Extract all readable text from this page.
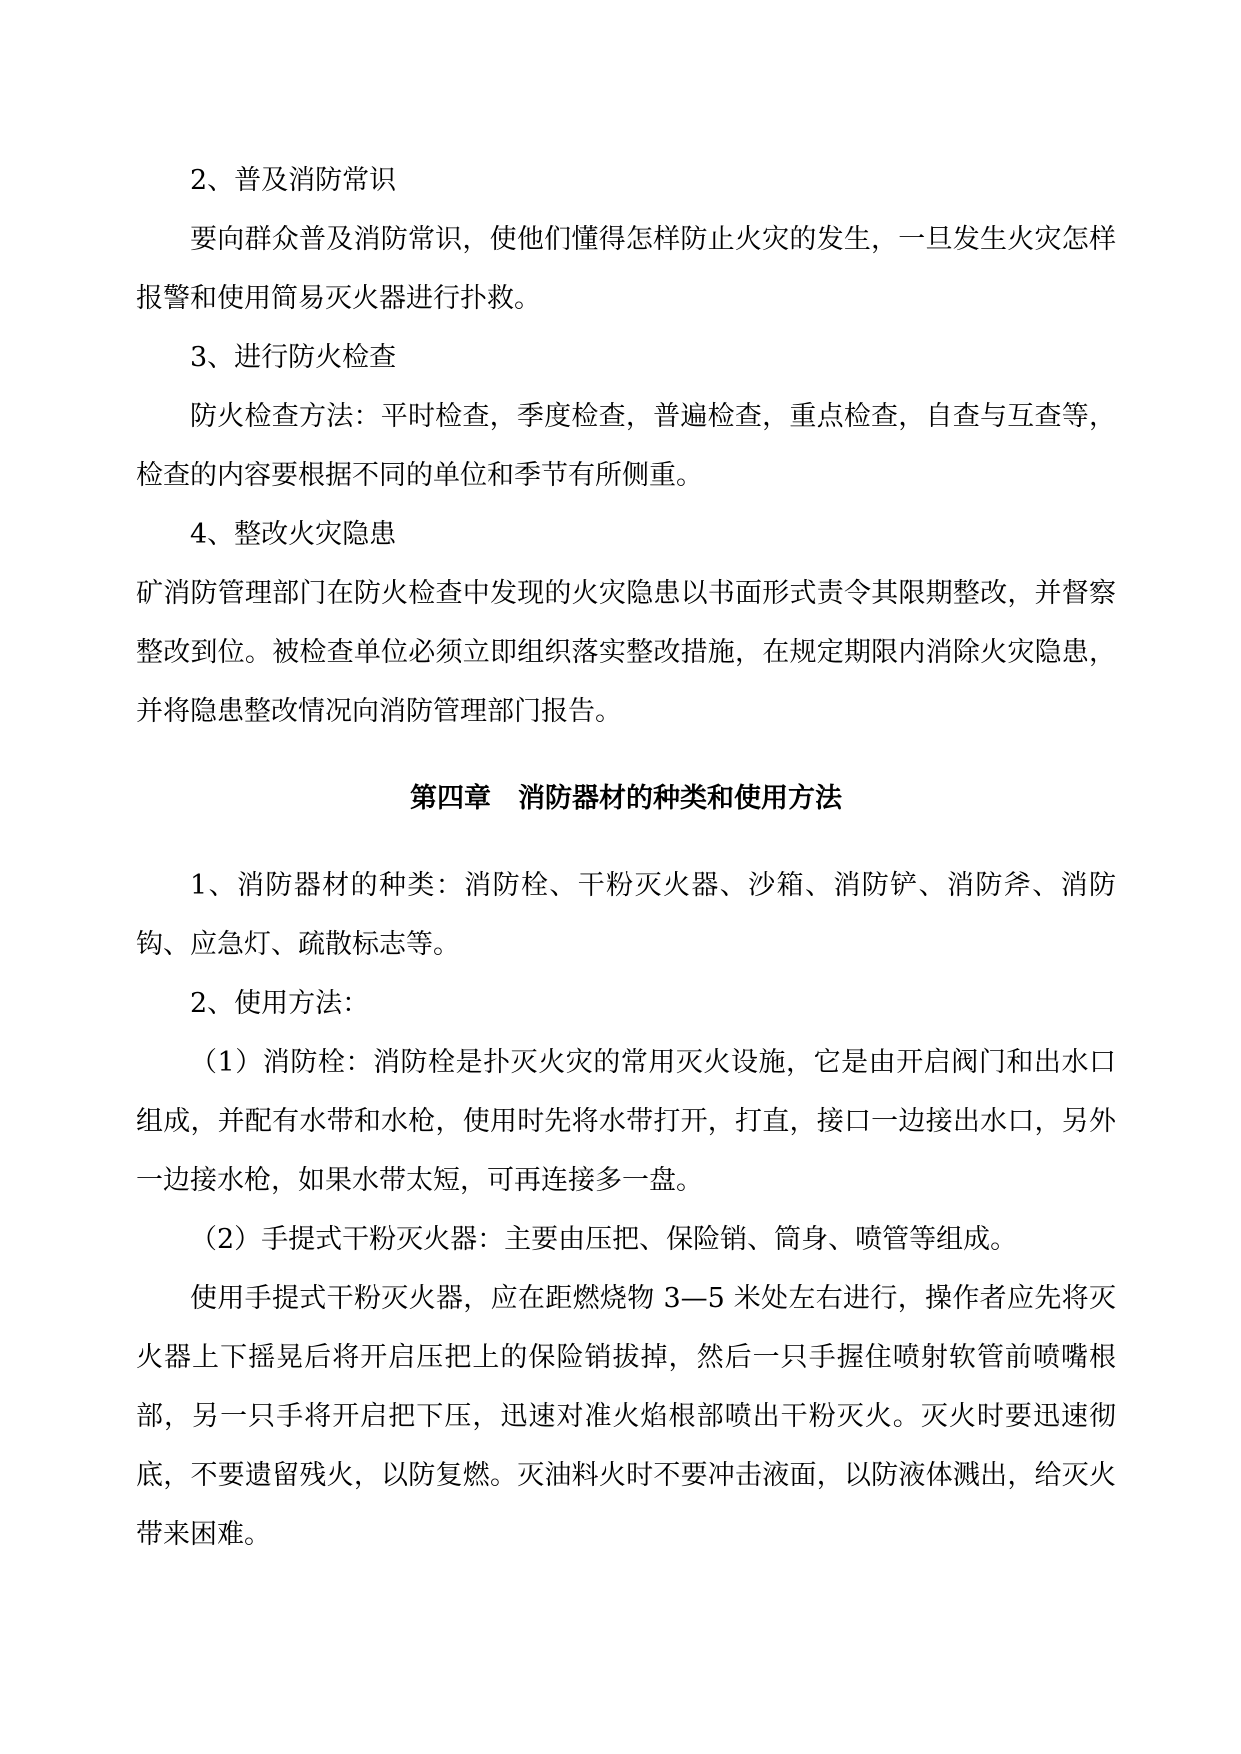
2、普及消防常识

要向群众普及消防常识，使他们懂得怎样防止火灾的发生，一旦发生火灾怎样报警和使用简易灭火器进行扑救。

3、进行防火检查

防火检查方法：平时检查，季度检查，普遍检查，重点检查，自查与互查等，检查的内容要根据不同的单位和季节有所侧重。

4、整改火灾隐患

矿消防管理部门在防火检查中发现的火灾隐患以书面形式责令其限期整改，并督察整改到位。被检查单位必须立即组织落实整改措施，在规定期限内消除火灾隐患，并将隐患整改情况向消防管理部门报告。

第四章　消防器材的种类和使用方法

1、消防器材的种类：消防栓、干粉灭火器、沙箱、消防铲、消防斧、消防钩、应急灯、疏散标志等。

2、使用方法：

（1）消防栓：消防栓是扑灭火灾的常用灭火设施，它是由开启阀门和出水口组成，并配有水带和水枪，使用时先将水带打开，打直，接口一边接出水口，另外一边接水枪，如果水带太短，可再连接多一盘。

（2）手提式干粉灭火器：主要由压把、保险销、筒身、喷管等组成。

使用手提式干粉灭火器，应在距燃烧物 3—5 米处左右进行，操作者应先将灭火器上下摇晃后将开启压把上的保险销拔掉，然后一只手握住喷射软管前喷嘴根部，另一只手将开启把下压，迅速对准火焰根部喷出干粉灭火。灭火时要迅速彻底，不要遗留残火，以防复燃。灭油料火时不要冲击液面，以防液体溅出，给灭火带来困难。
